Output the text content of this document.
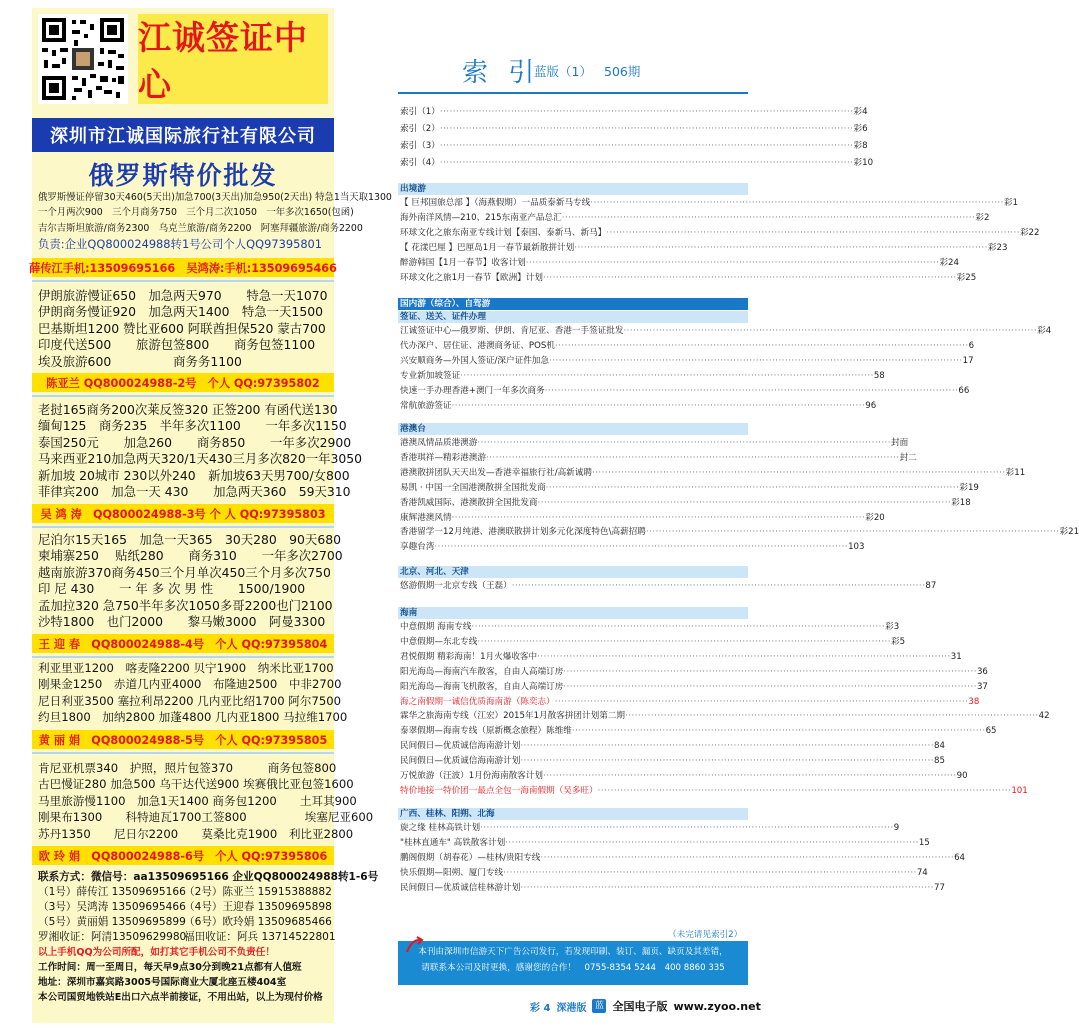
江诚签证中心
深圳市江诚国际旅行社有限公司
俄罗斯特价批发
俄罗斯慢证停留30天460(5天出)加急700(3天出)加急950(2天出) 特急1当天取1300
一个月两次900　三个月商务750　三个月二次1050　一年多次1650(包函)
吉尔吉斯坦旅游/商务2300　乌克兰旅游/商务2200　阿塞拜疆旅游/商务2200
负责:企业QQ800024988转1号公司个人QQ97395801
薛传江手机:13509695166　吴鸿涛:手机:13509695466
伊朗旅游慢证650　加急两天970　　特急一天1070
伊朗商务慢证920　加急两天1400　特急一天1500
巴基斯坦1200 赞比亚600 阿联酋担保520 蒙古700
印度代送500　　旅游包签800　　商务包签1100
埃及旅游600　　　　　商务务1100
陈亚兰 QQ800024988-2号　个人 QQ:97395802
老挝165商务200次莱反签320 正签200 有函代送130
缅甸125　商务235　半年多次1100　　一年多次1150
泰国250元　　加急260　　商务850　　一年多次2900
马来西亚210加急两天320/1天430三月多次820一年3050
新加坡 20城市 230以外240　新加坡63天男700/女800
菲律宾200　加急一天 430　　加急两天360　59天310
吴 鸿 涛　QQ800024988-3号 个 人 QQ:97395803
尼泊尔15天165　加急一天365　30天280　90天680
柬埔寨250　 贴纸280　　商务310　　一年多次2700
越南旅游370商务450三个月单次450三个月多次750
印 尼 430　　一 年 多 次 男 性　　1500/1900
孟加拉320 急750半年多次1050多哥2200也门2100
沙特1800　也门2000　　黎马嫩3000　阿曼3300
王 迎 春　QQ800024988-4号　个人 QQ:97395804
利亚里亚1200　喀麦隆2200 贝宁1900　纳米比亚1700
刚果金1250　赤道几内亚4000　布隆迪2500　中非2700
尼日利亚3500 塞拉利昂2200 几内亚比绍1700 阿尔7500
约旦1800　加纳2800 加蓬4800 几内亚1800 马拉维1700
黄 丽 娟　QQ800024988-5号　个人 QQ:97395805
肯尼亚机票340　护照，照片包签370　　　商务包签800
古巴慢证280 加急500 乌干达代送900 埃赛俄比亚包签1600
马里旅游慢1100　加急1天1400 商务包1200　　土耳其900
刚果布1300　　科特迪瓦1700工签800　　　　　埃塞尼亚600
苏丹1350　　尼日尔2200　　莫桑比克1900　利比亚2800
欧 玲 娟　QQ800024988-6号　个人 QQ:97395806
联系方式：微信号：aa13509695166 企业QQ800024988转1-6号
（1号）薛传江 13509695166
（2号）陈亚兰 15915388882
（3号）吴鸿涛 13509695466
（4号）王迎春 13509695898
（5号）黄丽娟 13509695899
（6号）欧玲娟 13509685466
罗湘收证：阿清13509629980
福田收证：阿兵 13714522801
以上手机QQ为公司所配，如打其它手机公司不负责任！
工作时间：周一至周日，每天早9点30分到晚21点都有人值班
地址：深圳市嘉宾路3005号国际商业大厦北座五楼404室
本公司国贸地铁站E出口六点半前接证，不用出站，以上为现付价格
索 引
蓝版（1） 506期
索引（1） ·····	彩4
索引（2） ·····	彩6
索引（3） ·····	彩8
索引（4） ·····	彩10
出境游
【 巨邦国旅总部 】（海燕假期）一品质泰新马专线 ·····	彩1
海外南洋风情—210、215东南亚产品总汇 ·····	彩2
环球文化之旅东南亚专线计划【泰国、泰新马、新马】 ·····	彩22
【 花漾巴厘 】巴厘岛1月一春节最新散拼计划 ·····	彩23
醉游韩国【1月一春节】收客计划 ·····	彩24
环球文化之旅1月一春节【欧洲】计划 ·····	彩25
国内游（综合）、自驾游
签证、送关、证件办理
江诚签证中心—俄罗斯、伊朗、肯尼亚、香港一手签证批发 ·····	彩4
代办深户、居住证、港澳商务证、POS机 ·····	6
兴安顺商务—外国人签证/深户证件加急 ·····	17
专业新加坡签证 ·····	58
快速一手办理香港+澳门一年多次商务 ·····	66
常航旅游签证 ·····	96
港澳台
港澳凤情品质港澳游 ·····	封面
香港琪祥—精彩港澳游 ·····	封二
港澳散拼团队天天出发—香港幸福旅行社/高新诚聘 ·····	彩11
易凯 · 中国一全国港澳散拼全国批发商 ·····	彩19
香港凯威国际、港澳散拼全国批发商 ·····	彩18
康辉港澳风情 ·····	彩20
香港留学一12月纯港、港澳联散拼计划多元化深度特色\高薪招聘 ·····	彩21
享趣台湾 ·····	103
北京、河北、天津
悠游假期一北京专线（王磊） ·····	87
海南
中意假期 海南专线 ·····	彩3
中意假期—东北专线 ·····	彩5
君悦假期 精彩海南！1月火爆收客中 ·····	31
阳光海岛—海南汽车散客，自由人高端订房 ·····	36
阳光海岛—海南飞机散客，自由人高端订房 ·····	37
海之南假期一诚信优质海南游（陈奕志） ·····	38
霖华之旅海南专线（江宏）2015年1月散客拼团计划第二期 ·····	42
泰翠假期—海南专线（原新概念旅程）陈维维 ·····	65
民间假日—优质诚信海南游计划 ·····	84
民间假日—优质诚信海南游计划 ·····	85
万悦旅游（汪波）1月份海南散客计划 ·····	90
特价地接一特价团一最点全包一海南假期（吴多旺） ·····	101
广西、桂林、阳朔、北海
旋之缘 桂林高铁计划 ·····	9
"桂林直通车" 高铁散客计划 ·····	15
鹏阁假期（胡春花）—桂林/贵阳专线 ·····	64
快乐假期—阳朔、厦门专线 ·····	74
民间假日—优质诚信桂林游计划 ·····	77
（未完请见索引2）
本刊由深圳市信游天下广告公司发行，若发现印刷、装订、漏页、缺页及其差错，
请联系本公司及时更换，感谢您的合作！　0755-8354 5244　400 8860 335
彩 4 深港版 蓝 全国电子版 www.zyoo.net
